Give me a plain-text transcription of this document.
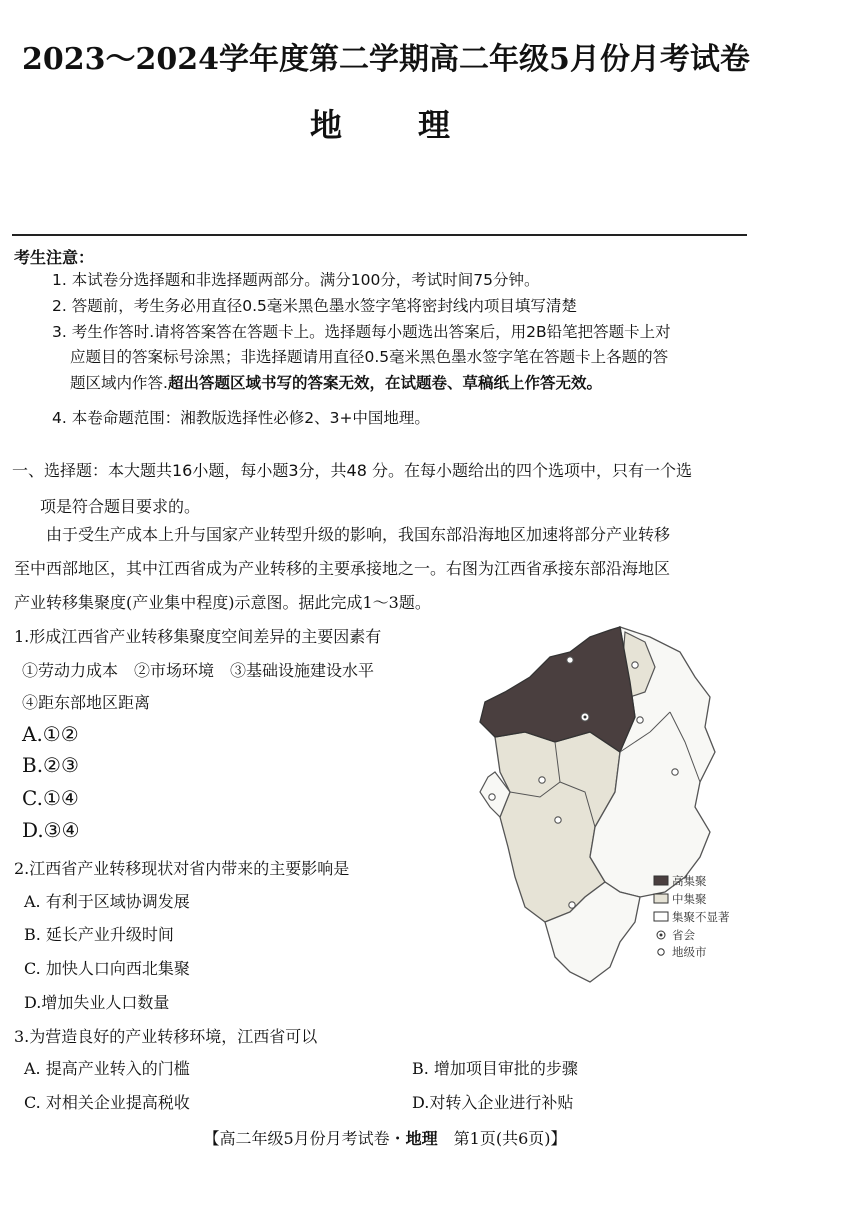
2023～2024学年度第二学期高二年级5月份月考试卷
地 理
考生注意：
1. 本试卷分选择题和非选择题两部分。满分100分，考试时间75分钟。
2. 答题前，考生务必用直径0.5毫米黑色墨水签字笔将密封线内项目填写清楚
3. 考生作答时.请将答案答在答题卡上。选择题每小题选出答案后，用2B铅笔把答题卡上对
应题目的答案标号涂黑；非选择题请用直径0.5毫米黑色墨水签字笔在答题卡上各题的答
题区域内作答.超出答题区域书写的答案无效，在试题卷、草稿纸上作答无效。
4. 本卷命题范围：湘教版选择性必修2、3+中国地理。
一、选择题：本大题共16小题，每小题3分，共48 分。在每小题给出的四个选项中，只有一个选
项是符合题目要求的。
由于受生产成本上升与国家产业转型升级的影响，我国东部沿海地区加速将部分产业转移
至中西部地区，其中江西省成为产业转移的主要承接地之一。右图为江西省承接东部沿海地区
产业转移集聚度(产业集中程度)示意图。据此完成1～3题。
1.形成江西省产业转移集聚度空间差异的主要因素有
①劳动力成本　②市场环境　③基础设施建设水平
④距东部地区距离
A.①②
B.②③
C.①④
D.③④
2.江西省产业转移现状对省内带来的主要影响是
A. 有利于区域协调发展
B. 延长产业升级时间
C. 加快人口向西北集聚
D.增加失业人口数量
3.为营造良好的产业转移环境，江西省可以
A. 提高产业转入的门槛	B. 增加项目审批的步骤
C. 对相关企业提高税收	D.对转入企业进行补贴
高集聚
中集聚
集聚不显著
省会
地级市
【高二年级5月份月考试卷・地理　第1页(共6页)】
